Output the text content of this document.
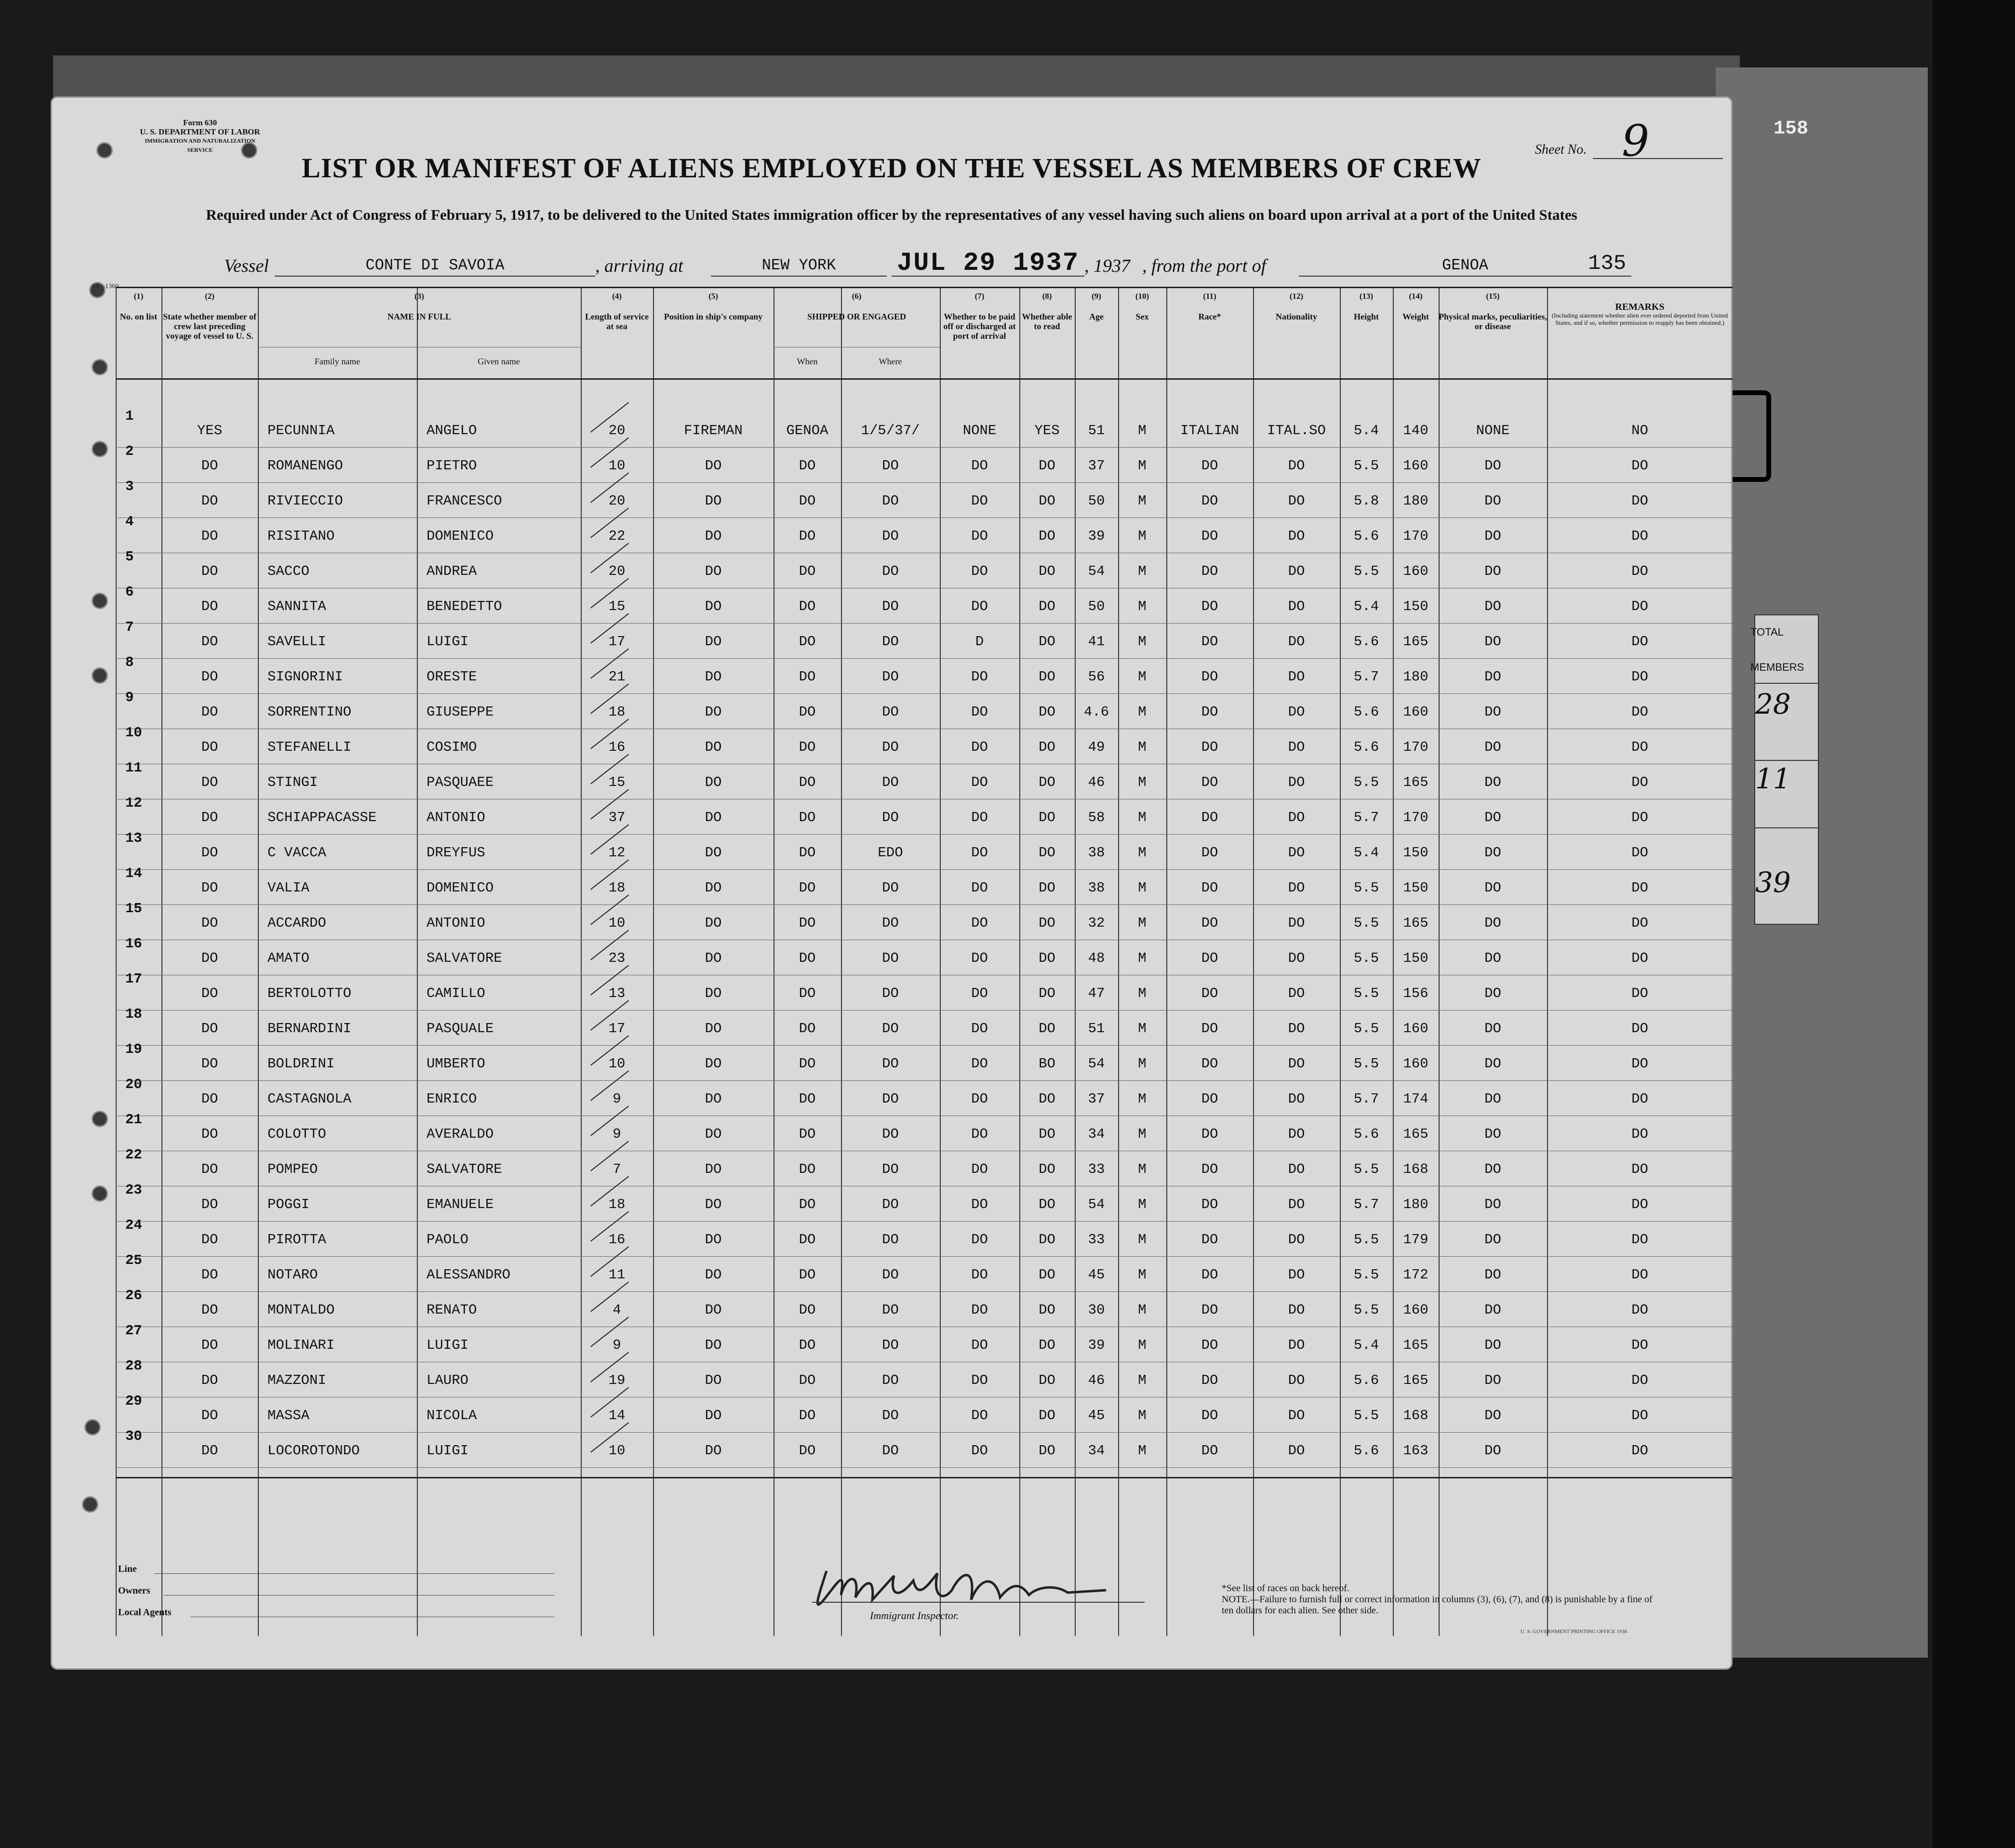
158
TOTAL
MEMBERS
28
11
39
Form 630
U. S. DEPARTMENT OF LABOR
IMMIGRATION AND NATURALIZATION SERVICE	Sheet No. 9
LIST OR MANIFEST OF ALIENS EMPLOYED ON THE VESSEL AS MEMBERS OF CREW
Required under Act of Congress of February 5, 1917, to be delivered to the United States immigration officer by the representatives of any vessel having such aliens on board upon arrival at a port of the United States
Vessel	CONTE DI SAVOIA	, arriving at	NEW YORK	JUL 29 1937 , 1937 , from the port of	GENOA	135
14—1360
(1)
No. on list
(2)
State whether member of crew last preceding voyage of vessel to U. S.
(3)
NAME IN FULL
Family name	Given name
(4)
Length of service at sea
(5)
Position in ship's company
(6)
SHIPPED OR ENGAGED
When	Where
(7)
Whether to be paid off or discharged at port of arrival
(8)
Whether able to read
(9)
Age
(10)
Sex
(11)
Race*
(12)
Nationality
(13)
Height
(14)
Weight
(15)
Physical marks, peculiarities, or disease
REMARKS
(Including statement whether alien ever ordered deported from United States, and if so, whether permission to reapply has been obtained.)
1
YES	PECUNNIA	ANGELO	20	FIREMAN	GENOA	1/5/37/	NONE	YES	51	M	ITALIAN	ITAL.SO	5.4	140	NONE	NO
2
DO	ROMANENGO	PIETRO	10	DO	DO	DO	DO	DO	37	M	DO	DO	5.5	160	DO	DO
3
DO	RIVIECCIO	FRANCESCO	20	DO	DO	DO	DO	DO	50	M	DO	DO	5.8	180	DO	DO
4
DO	RISITANO	DOMENICO	22	DO	DO	DO	DO	DO	39	M	DO	DO	5.6	170	DO	DO
5
DO	SACCO	ANDREA	20	DO	DO	DO	DO	DO	54	M	DO	DO	5.5	160	DO	DO
6
DO	SANNITA	BENEDETTO	15	DO	DO	DO	DO	DO	50	M	DO	DO	5.4	150	DO	DO
7
DO	SAVELLI	LUIGI	17	DO	DO	DO	D	DO	41	M	DO	DO	5.6	165	DO	DO
8
DO	SIGNORINI	ORESTE	21	DO	DO	DO	DO	DO	56	M	DO	DO	5.7	180	DO	DO
9
DO	SORRENTINO	GIUSEPPE	18	DO	DO	DO	DO	DO	4.6	M	DO	DO	5.6	160	DO	DO
10
DO	STEFANELLI	COSIMO	16	DO	DO	DO	DO	DO	49	M	DO	DO	5.6	170	DO	DO
11
DO	STINGI	PASQUAEE	15	DO	DO	DO	DO	DO	46	M	DO	DO	5.5	165	DO	DO
12
DO	SCHIAPPACASSE	ANTONIO	37	DO	DO	DO	DO	DO	58	M	DO	DO	5.7	170	DO	DO
13
DO	C VACCA	DREYFUS	12	DO	DO	EDO	DO	DO	38	M	DO	DO	5.4	150	DO	DO
14
DO	VALIA	DOMENICO	18	DO	DO	DO	DO	DO	38	M	DO	DO	5.5	150	DO	DO
15
DO	ACCARDO	ANTONIO	10	DO	DO	DO	DO	DO	32	M	DO	DO	5.5	165	DO	DO
16
DO	AMATO	SALVATORE	23	DO	DO	DO	DO	DO	48	M	DO	DO	5.5	150	DO	DO
17
DO	BERTOLOTTO	CAMILLO	13	DO	DO	DO	DO	DO	47	M	DO	DO	5.5	156	DO	DO
18
DO	BERNARDINI	PASQUALE	17	DO	DO	DO	DO	DO	51	M	DO	DO	5.5	160	DO	DO
19
DO	BOLDRINI	UMBERTO	10	DO	DO	DO	DO	BO	54	M	DO	DO	5.5	160	DO	DO
20
DO	CASTAGNOLA	ENRICO	9	DO	DO	DO	DO	DO	37	M	DO	DO	5.7	174	DO	DO
21
DO	COLOTTO	AVERALDO	9	DO	DO	DO	DO	DO	34	M	DO	DO	5.6	165	DO	DO
22
DO	POMPEO	SALVATORE	7	DO	DO	DO	DO	DO	33	M	DO	DO	5.5	168	DO	DO
23
DO	POGGI	EMANUELE	18	DO	DO	DO	DO	DO	54	M	DO	DO	5.7	180	DO	DO
24
DO	PIROTTA	PAOLO	16	DO	DO	DO	DO	DO	33	M	DO	DO	5.5	179	DO	DO
25
DO	NOTARO	ALESSANDRO	11	DO	DO	DO	DO	DO	45	M	DO	DO	5.5	172	DO	DO
26
DO	MONTALDO	RENATO	4	DO	DO	DO	DO	DO	30	M	DO	DO	5.5	160	DO	DO
27
DO	MOLINARI	LUIGI	9	DO	DO	DO	DO	DO	39	M	DO	DO	5.4	165	DO	DO
28
DO	MAZZONI	LAURO	19	DO	DO	DO	DO	DO	46	M	DO	DO	5.6	165	DO	DO
29
DO	MASSA	NICOLA	14	DO	DO	DO	DO	DO	45	M	DO	DO	5.5	168	DO	DO
30
DO	LOCOROTONDO	LUIGI	10	DO	DO	DO	DO	DO	34	M	DO	DO	5.6	163	DO	DO
Line
Owners
Local Agents	Immigrant Inspector.
*See list of races on back hereof.
NOTE.—Failure to furnish full or correct information in columns (3), (6), (7), and (8) is punishable by a fine of ten dollars for each alien. See other side.
U. S. GOVERNMENT PRINTING OFFICE 1936
